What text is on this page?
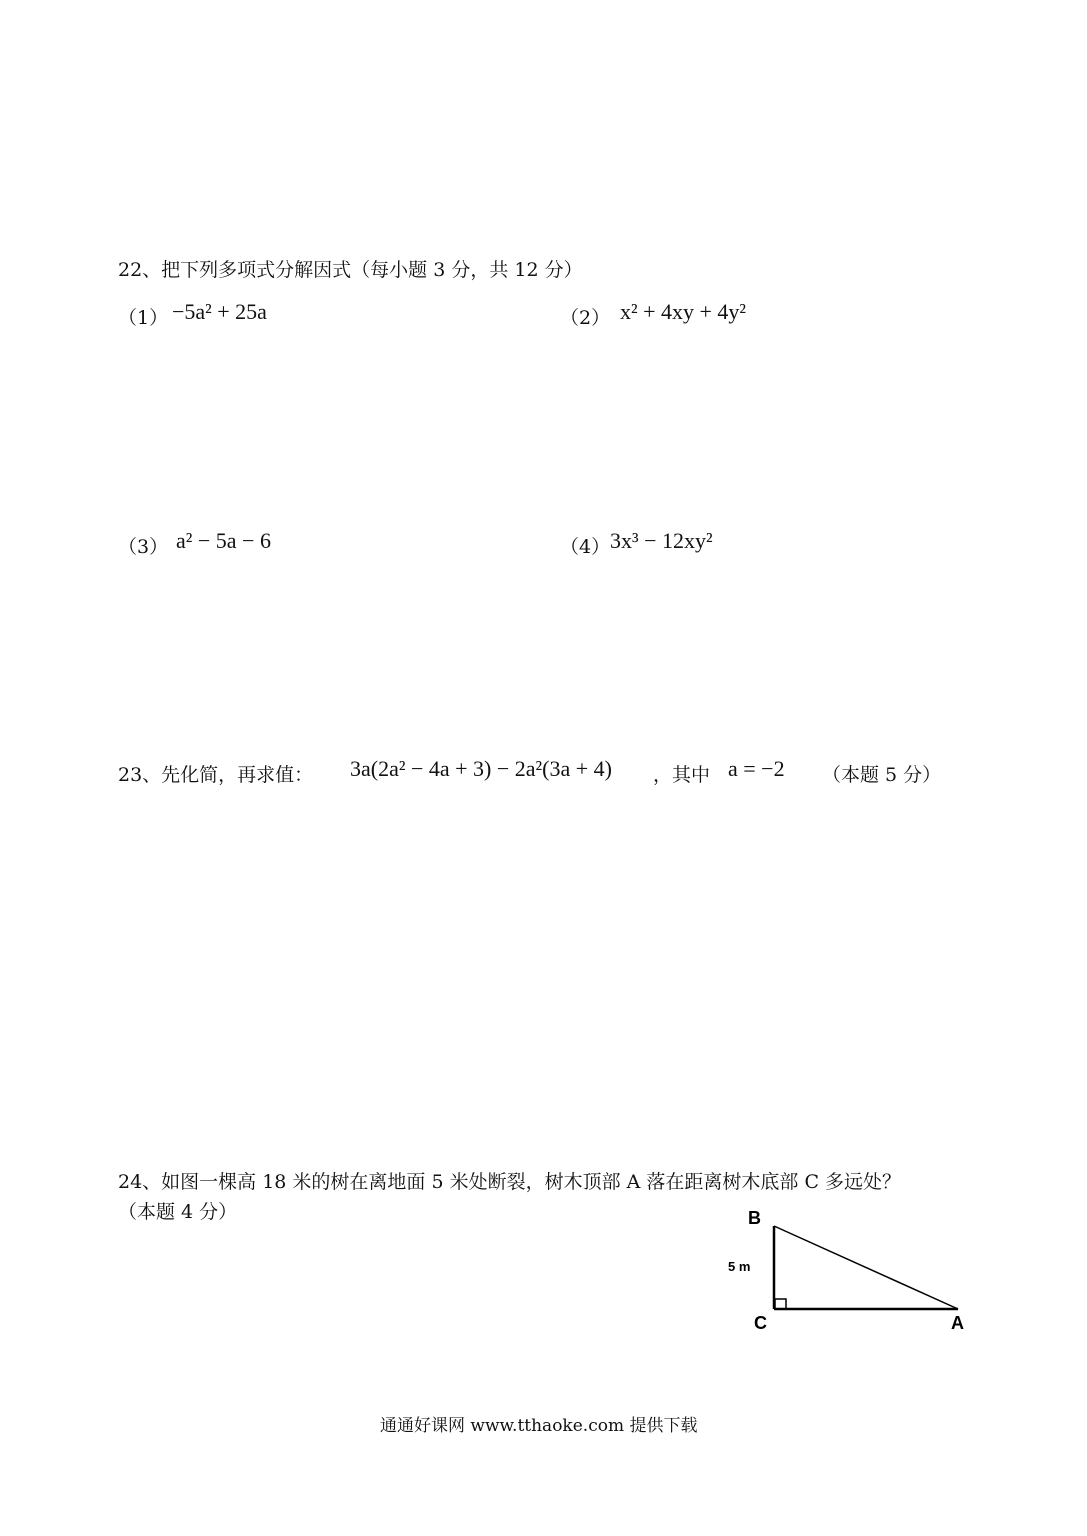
22、把下列多项式分解因式（每小题 3 分，共 12 分）
（1） −5a² + 25a	（2） x² + 4xy + 4y²
（3） a² − 5a − 6	（4） 3x³ − 12xy²
23、先化简，再求值： 3a(2a² − 4a + 3) − 2a²(3a + 4) ，其中 a = −2 （本题 5 分）
24、如图一棵高 18 米的树在离地面 5 米处断裂，树木顶部 A 落在距离树木底部 C 多远处？
（本题 4 分）	B
5 m
C	A
通通好课网 www.tthaoke.com 提供下载
